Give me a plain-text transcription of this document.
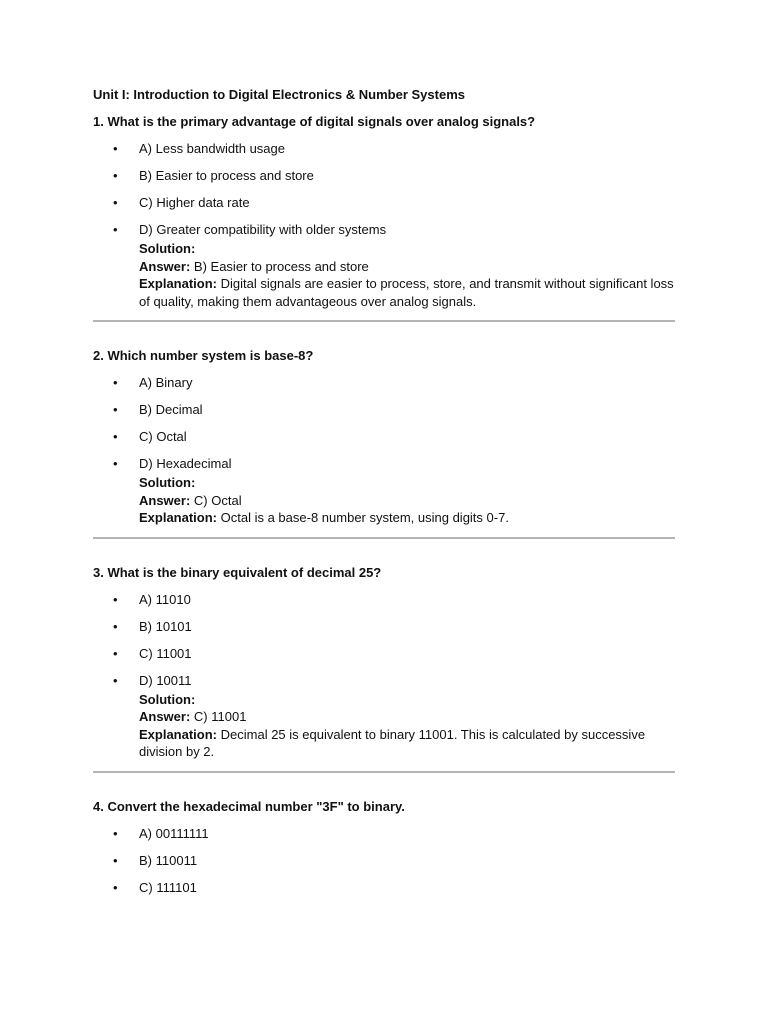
Unit I: Introduction to Digital Electronics & Number Systems
1. What is the primary advantage of digital signals over analog signals?
• A) Less bandwidth usage
• B) Easier to process and store
• C) Higher data rate
• D) Greater compatibility with older systems
Solution:
Answer: B) Easier to process and store
Explanation: Digital signals are easier to process, store, and transmit without significant loss of quality, making them advantageous over analog signals.
2. Which number system is base-8?
• A) Binary
• B) Decimal
• C) Octal
• D) Hexadecimal
Solution:
Answer: C) Octal
Explanation: Octal is a base-8 number system, using digits 0-7.
3. What is the binary equivalent of decimal 25?
• A) 11010
• B) 10101
• C) 11001
• D) 10011
Solution:
Answer: C) 11001
Explanation: Decimal 25 is equivalent to binary 11001. This is calculated by successive division by 2.
4. Convert the hexadecimal number "3F" to binary.
• A) 00111111
• B) 110011
• C) 111101
